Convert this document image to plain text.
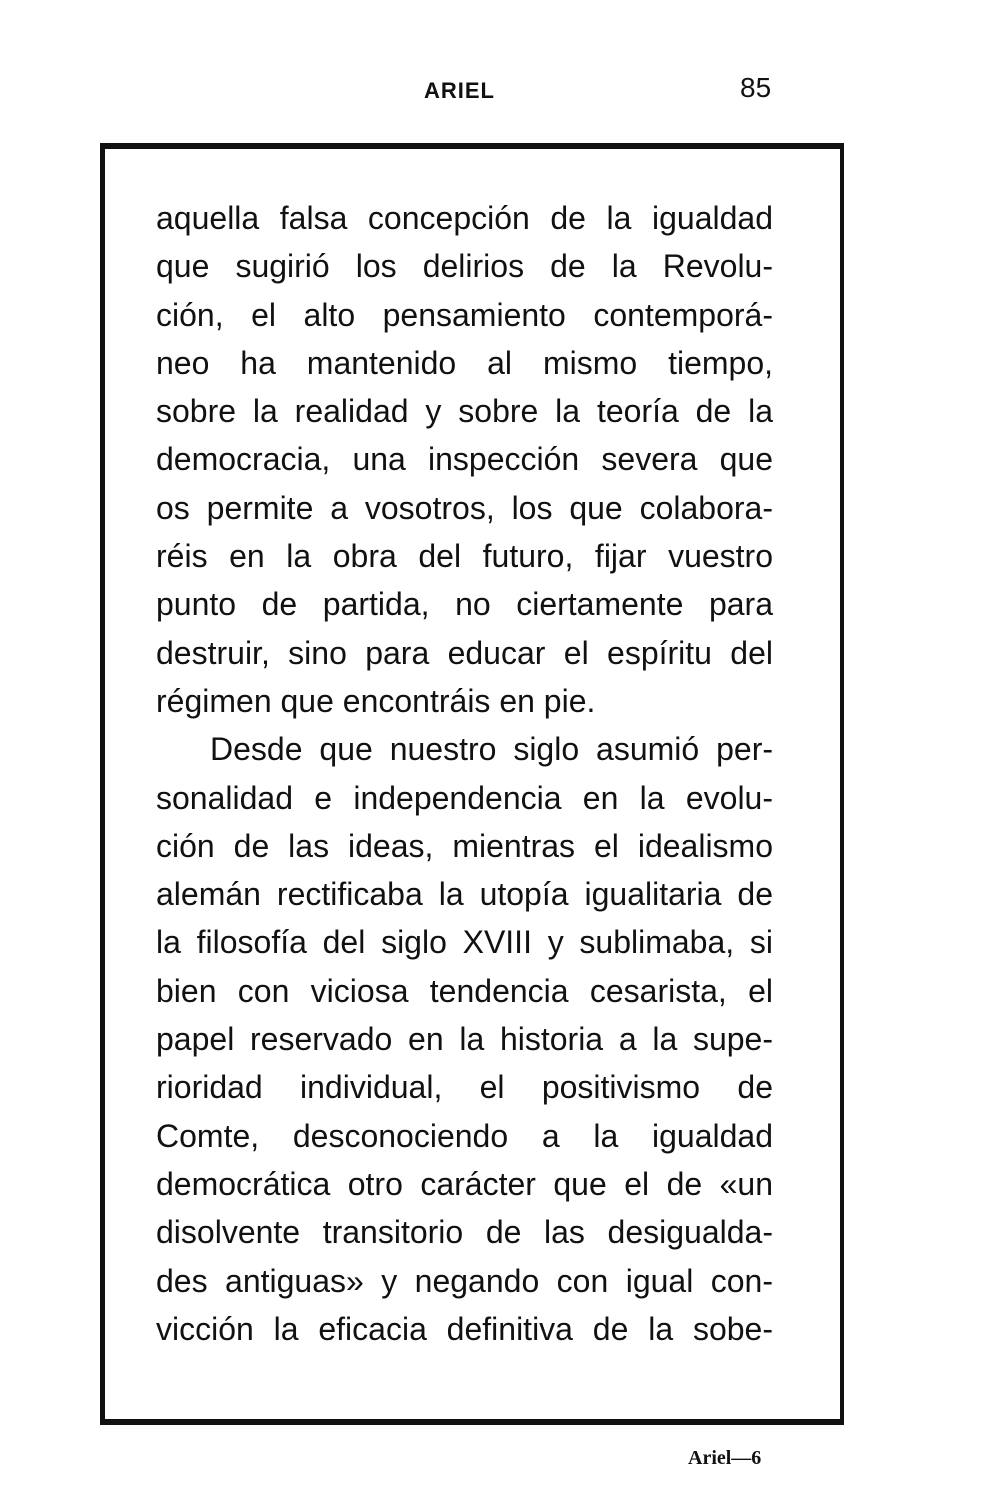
ARIEL	85
aquella falsa concepción de la igualdad
que sugirió los delirios de la Revolu-
ción, el alto pensamiento contemporá-
neo ha mantenido al mismo tiempo,
sobre la realidad y sobre la teoría de la
democracia, una inspección severa que
os permite a vosotros, los que colabora-
réis en la obra del futuro, fijar vuestro
punto de partida, no ciertamente para
destruir, sino para educar el espíritu del
régimen que encontráis en pie.
Desde que nuestro siglo asumió per-
sonalidad e independencia en la evolu-
ción de las ideas, mientras el idealismo
alemán rectificaba la utopía igualitaria de
la filosofía del siglo XVIII y sublimaba, si
bien con viciosa tendencia cesarista, el
papel reservado en la historia a la supe-
rioridad individual, el positivismo de
Comte, desconociendo a la igualdad
democrática otro carácter que el de «un
disolvente transitorio de las desigualda-
des antiguas» y negando con igual con-
vicción la eficacia definitiva de la sobe-
Ariel—6
